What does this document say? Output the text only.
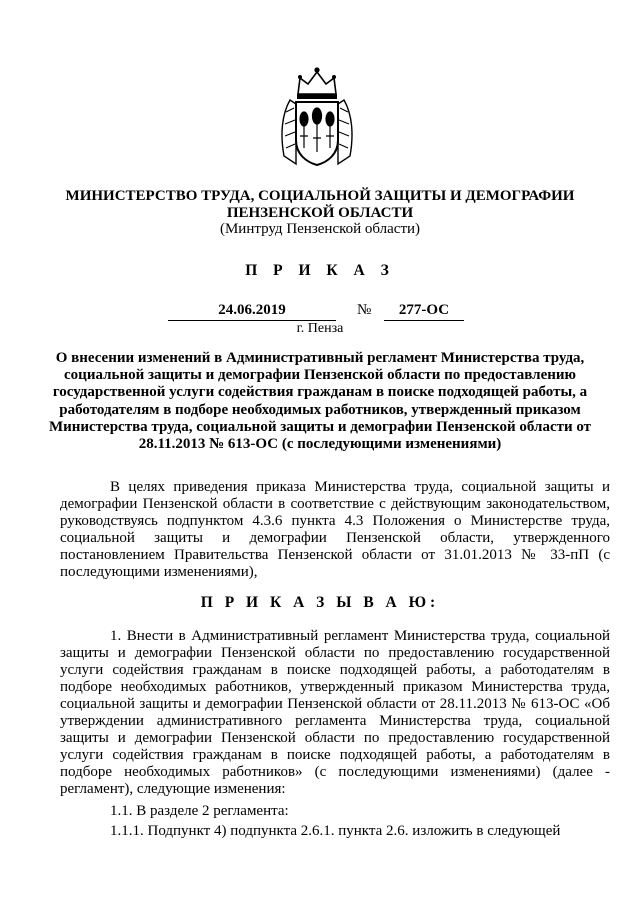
МИНИСТЕРСТВО ТРУДА, СОЦИАЛЬНОЙ ЗАЩИТЫ И ДЕМОГРАФИИ
ПЕНЗЕНСКОЙ ОБЛАСТИ
(Минтруд Пензенской области)
П Р И К А З
24.06.2019	№	277-ОС
г. Пенза
О внесении изменений в Административный регламент Министерства труда, социальной защиты и демографии Пензенской области по предоставлению государственной услуги содействия гражданам в поиске подходящей работы, а работодателям в подборе необходимых работников, утвержденный приказом Министерства труда, социальной защиты и демографии Пензенской области от 28.11.2013 № 613-ОС (с последующими изменениями)
В целях приведения приказа Министерства труда, социальной защиты и демографии Пензенской области в соответствие с действующим законодательством, руководствуясь подпунктом 4.3.6 пункта 4.3 Положения о Министерстве труда, социальной защиты и демографии Пензенской области, утвержденного постановлением Правительства Пензенской области от 31.01.2013 № 33-пП (с последующими изменениями),
П Р И К А З Ы В А Ю:
1. Внести в Административный регламент Министерства труда, социальной защиты и демографии Пензенской области по предоставлению государственной услуги содействия гражданам в поиске подходящей работы, а работодателям в подборе необходимых работников, утвержденный приказом Министерства труда, социальной защиты и демографии Пензенской области от 28.11.2013 № 613-ОС «Об утверждении административного регламента Министерства труда, социальной защиты и демографии Пензенской области по предоставлению государственной услуги содействия гражданам в поиске подходящей работы, а работодателям в подборе необходимых работников» (с последующими изменениями) (далее - регламент), следующие изменения:
1.1. В разделе 2 регламента:
1.1.1. Подпункт 4) подпункта 2.6.1. пункта 2.6. изложить в следующей
